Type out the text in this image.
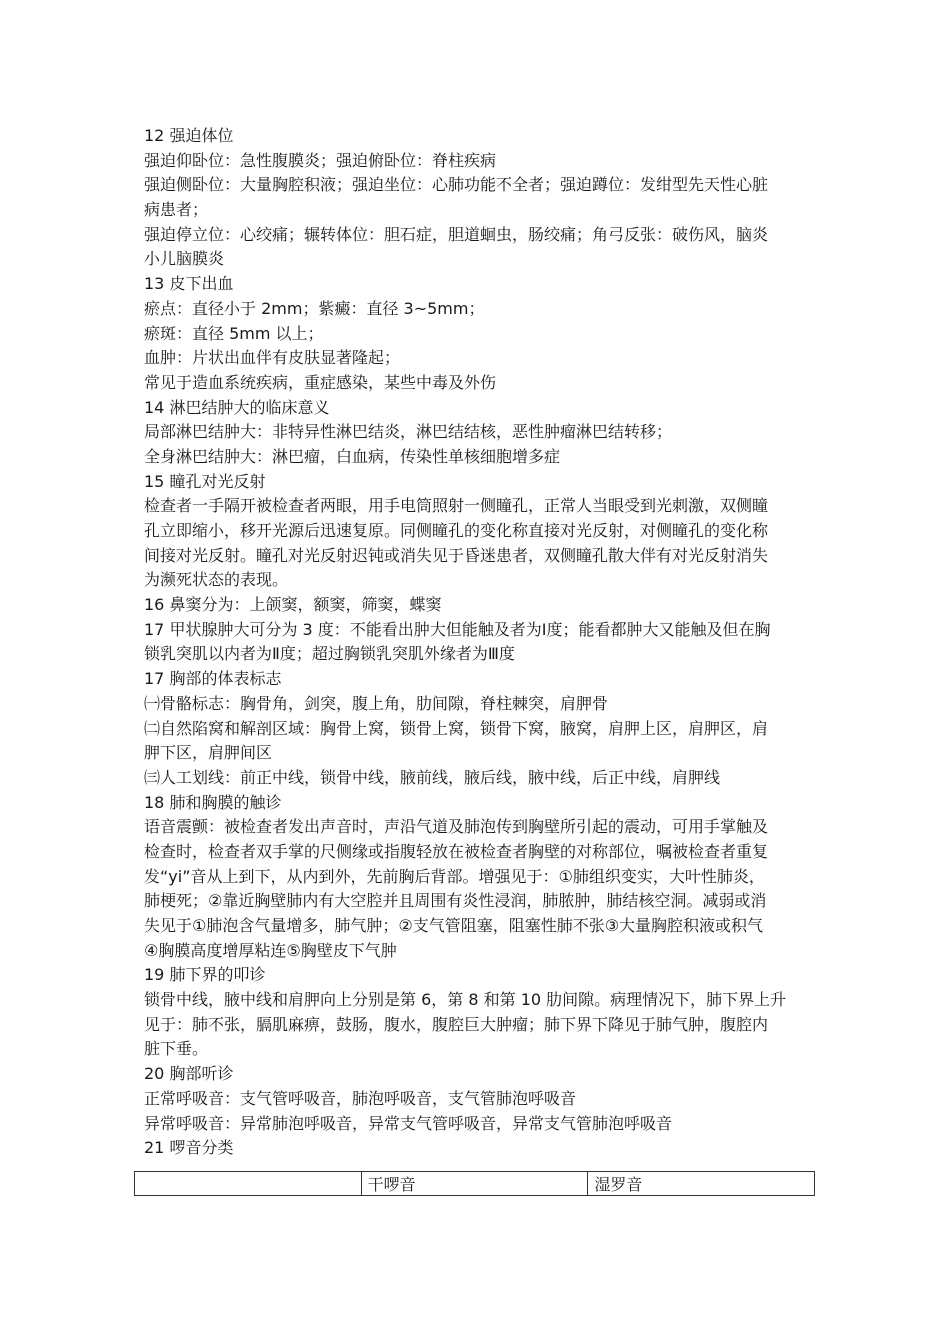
12 强迫体位
强迫仰卧位：急性腹膜炎；强迫俯卧位：脊柱疾病
强迫侧卧位：大量胸腔积液；强迫坐位：心肺功能不全者；强迫蹲位：发绀型先天性心脏
病患者；
强迫停立位：心绞痛；辗转体位：胆石症，胆道蛔虫，肠绞痛；角弓反张：破伤风，脑炎
小儿脑膜炎
13 皮下出血
瘀点：直径小于 2mm；紫癜：直径 3~5mm；
瘀斑：直径 5mm 以上；
血肿：片状出血伴有皮肤显著隆起；
常见于造血系统疾病，重症感染，某些中毒及外伤
14 淋巴结肿大的临床意义
局部淋巴结肿大：非特异性淋巴结炎，淋巴结结核，恶性肿瘤淋巴结转移；
全身淋巴结肿大：淋巴瘤，白血病，传染性单核细胞增多症
15 瞳孔对光反射
检查者一手隔开被检查者两眼，用手电筒照射一侧瞳孔，正常人当眼受到光刺激，双侧瞳
孔立即缩小，移开光源后迅速复原。同侧瞳孔的变化称直接对光反射，对侧瞳孔的变化称
间接对光反射。瞳孔对光反射迟钝或消失见于昏迷患者，双侧瞳孔散大伴有对光反射消失
为濒死状态的表现。
16 鼻窦分为：上颌窦，额窦，筛窦，蝶窦
17 甲状腺肿大可分为 3 度：不能看出肿大但能触及者为Ⅰ度；能看都肿大又能触及但在胸
锁乳突肌以内者为Ⅱ度；超过胸锁乳突肌外缘者为Ⅲ度
17 胸部的体表标志
㈠骨骼标志：胸骨角，剑突，腹上角，肋间隙，脊柱棘突，肩胛骨
㈡自然陷窝和解剖区域：胸骨上窝，锁骨上窝，锁骨下窝，腋窝，肩胛上区，肩胛区，肩
胛下区，肩胛间区
㈢人工划线：前正中线，锁骨中线，腋前线，腋后线，腋中线，后正中线，肩胛线
18 肺和胸膜的触诊
语音震颤：被检查者发出声音时，声沿气道及肺泡传到胸壁所引起的震动，可用手掌触及
检查时，检查者双手掌的尺侧缘或指腹轻放在被检查者胸壁的对称部位，嘱被检查者重复
发“yi”音从上到下，从内到外，先前胸后背部。增强见于：①肺组织变实，大叶性肺炎，
肺梗死；②靠近胸壁肺内有大空腔并且周围有炎性浸润，肺脓肿，肺结核空洞。减弱或消
失见于①肺泡含气量增多，肺气肿；②支气管阻塞，阻塞性肺不张③大量胸腔积液或积气
④胸膜高度增厚粘连⑤胸壁皮下气肿
19 肺下界的叩诊
锁骨中线，腋中线和肩胛向上分别是第 6，第 8 和第 10 肋间隙。病理情况下，肺下界上升
见于：肺不张，膈肌麻痹，鼓肠，腹水，腹腔巨大肿瘤；肺下界下降见于肺气肿，腹腔内
脏下垂。
20 胸部听诊
正常呼吸音：支气管呼吸音，肺泡呼吸音，支气管肺泡呼吸音
异常呼吸音：异常肺泡呼吸音，异常支气管呼吸音，异常支气管肺泡呼吸音
21 啰音分类
	干啰音	湿罗音
